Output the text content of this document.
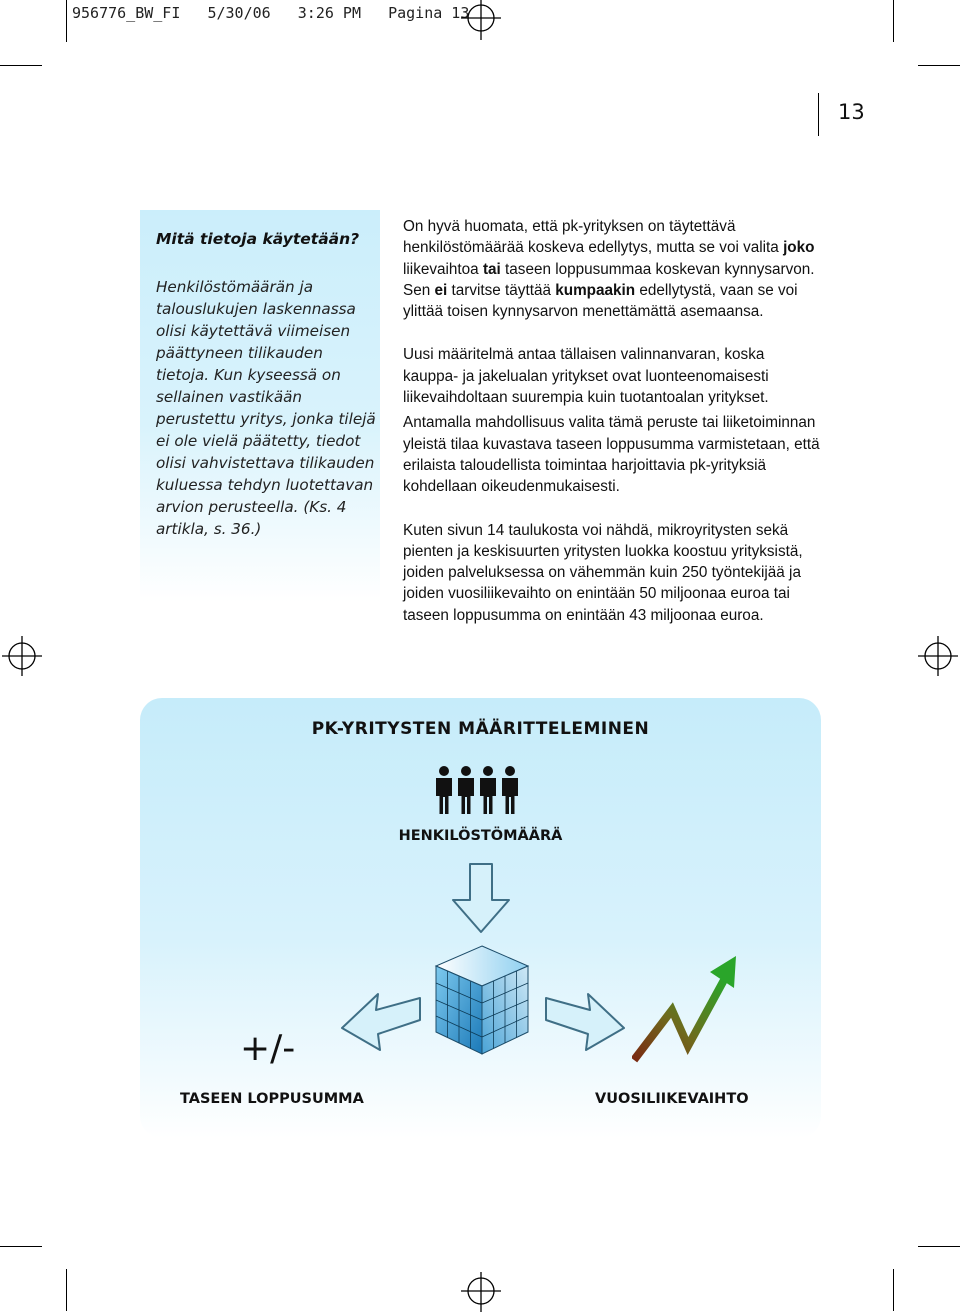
956776_BW_FI   5/30/06   3:26 PM   Pagina 13
13
Mitä tietoja käytetään?

Henkilöstömäärän ja talouslukujen laskennassa olisi käytettävä viimeisen päättyneen tilikauden tietoja. Kun kyseessä on sellainen vastikään perustettu yritys, jonka tilejä ei ole vielä päätetty, tiedot olisi vahvistettava tilikauden kuluessa tehdyn luotettavan arvion perusteella. (Ks. 4 artikla, s. 36.)

On hyvä huomata, että pk-yrityksen on täytettävä henkilöstömäärää koskeva edellytys, mutta se voi valita joko liikevaihtoa tai taseen loppusummaa koskevan kynnysarvon. Sen ei tarvitse täyttää kumpaakin edellytystä, vaan se voi ylittää toisen kynnysarvon menettämättä asemaansa.

Uusi määritelmä antaa tällaisen valinnanvaran, koska kauppa- ja jakelualan yritykset ovat luonteenomaisesti liikevaihdoltaan suurempia kuin tuotantoalan yritykset.

Antamalla mahdollisuus valita tämä peruste tai liiketoiminnan yleistä tilaa kuvastava taseen loppusumma varmistetaan, että erilaista taloudellista toimintaa harjoittavia pk-yrityksiä kohdellaan oikeudenmukaisesti.

Kuten sivun 14 taulukosta voi nähdä, mikroyritysten sekä pienten ja keskisuurten yritysten luokka koostuu yrityksistä, joiden palveluksessa on vähemmän kuin 250 työntekijää ja joiden vuosiliikevaihto on enintään 50 miljoonaa euroa tai taseen loppusumma on enintään 43 miljoonaa euroa.

PK-YRITYSTEN MÄÄRITTELEMINEN
HENKILÖSTÖMÄÄRÄ
+/-
TASEEN LOPPUSUMMA	VUOSILIIKEVAIHTO
